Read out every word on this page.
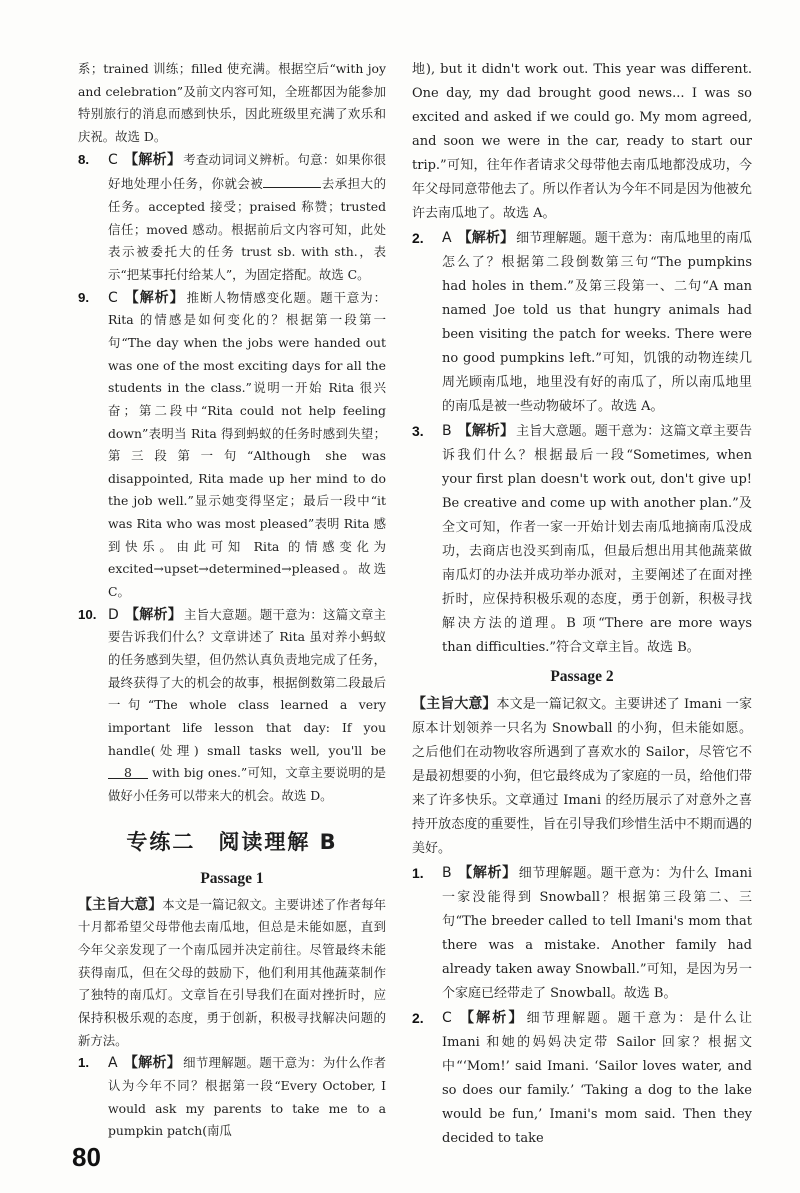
系；trained 训练；filled 使充满。根据空后“with joy and celebration”及前文内容可知，全班都因为能参加特别旅行的消息而感到快乐，因此班级里充满了欢乐和庆祝。故选 D。

8. C 【解析】 考查动词词义辨析。句意：如果你很好地处理小任务，你就会被	去承担大的任务。accepted 接受；praised 称赞；trusted 信任；moved 感动。根据前后文内容可知，此处表示被委托大的任务 trust sb. with sth.，表示“把某事托付给某人”，为固定搭配。故选 C。

9. C 【解析】 推断人物情感变化题。题干意为：Rita 的情感是如何变化的？根据第一段第一句“The day when the jobs were handed out was one of the most exciting days for all the students in the class.”说明一开始 Rita 很兴奋；第二段中“Rita could not help feeling down”表明当 Rita 得到蚂蚁的任务时感到失望；第三段第一句“Although she was disappointed, Rita made up her mind to do the job well.”显示她变得坚定；最后一段中“it was Rita who was most pleased”表明 Rita 感到快乐。由此可知 Rita 的情感变化为 excited→upset→determined→pleased。故选 C。

10. D 【解析】 主旨大意题。题干意为：这篇文章主要告诉我们什么？文章讲述了 Rita 虽对养小蚂蚁的任务感到失望，但仍然认真负责地完成了任务，最终获得了大的机会的故事，根据倒数第二段最后一句“The whole class learned a very important life lesson that day: If you handle(处理) small tasks well, you'll be 8 with big ones.”可知，文章主要说明的是做好小任务可以带来大的机会。故选 D。

专练二　阅读理解 B
Passage 1

【主旨大意】本文是一篇记叙文。主要讲述了作者每年十月都希望父母带他去南瓜地，但总是未能如愿，直到今年父亲发现了一个南瓜园并决定前往。尽管最终未能获得南瓜，但在父母的鼓励下，他们利用其他蔬菜制作了独特的南瓜灯。文章旨在引导我们在面对挫折时，应保持积极乐观的态度，勇于创新，积极寻找解决问题的新方法。

1. A 【解析】 细节理解题。题干意为：为什么作者认为今年不同？根据第一段“Every October, I would ask my parents to take me to a pumpkin patch(南瓜

地), but it didn't work out. This year was different. One day, my dad brought good news... I was so excited and asked if we could go. My mom agreed, and soon we were in the car, ready to start our trip.”可知，往年作者请求父母带他去南瓜地都没成功，今年父母同意带他去了。所以作者认为今年不同是因为他被允许去南瓜地了。故选 A。

2. A 【解析】 细节理解题。题干意为：南瓜地里的南瓜怎么了？根据第二段倒数第三句“The pumpkins had holes in them.”及第三段第一、二句“A man named Joe told us that hungry animals had been visiting the patch for weeks. There were no good pumpkins left.”可知，饥饿的动物连续几周光顾南瓜地，地里没有好的南瓜了，所以南瓜地里的南瓜是被一些动物破坏了。故选 A。

3. B 【解析】 主旨大意题。题干意为：这篇文章主要告诉我们什么？根据最后一段“Sometimes, when your first plan doesn't work out, don't give up! Be creative and come up with another plan.”及全文可知，作者一家一开始计划去南瓜地摘南瓜没成功，去商店也没买到南瓜，但最后想出用其他蔬菜做南瓜灯的办法并成功举办派对，主要阐述了在面对挫折时，应保持积极乐观的态度，勇于创新，积极寻找解决方法的道理。B 项“There are more ways than difficulties.”符合文章主旨。故选 B。

Passage 2

【主旨大意】本文是一篇记叙文。主要讲述了 Imani 一家原本计划领养一只名为 Snowball 的小狗，但未能如愿。之后他们在动物收容所遇到了喜欢水的 Sailor，尽管它不是最初想要的小狗，但它最终成为了家庭的一员，给他们带来了许多快乐。文章通过 Imani 的经历展示了对意外之喜持开放态度的重要性，旨在引导我们珍惜生活中不期而遇的美好。

1. B 【解析】 细节理解题。题干意为：为什么 Imani 一家没能得到 Snowball？根据第三段第二、三句“The breeder called to tell Imani's mom that there was a mistake. Another family had already taken away Snowball.”可知，是因为另一个家庭已经带走了 Snowball。故选 B。

2. C 【解析】 细节理解题。题干意为：是什么让 Imani 和她的妈妈决定带 Sailor 回家？根据文中“‘Mom!’ said Imani. ‘Sailor loves water, and so does our family.’ ‘Taking a dog to the lake would be fun,’ Imani's mom said. Then they decided to take

80
